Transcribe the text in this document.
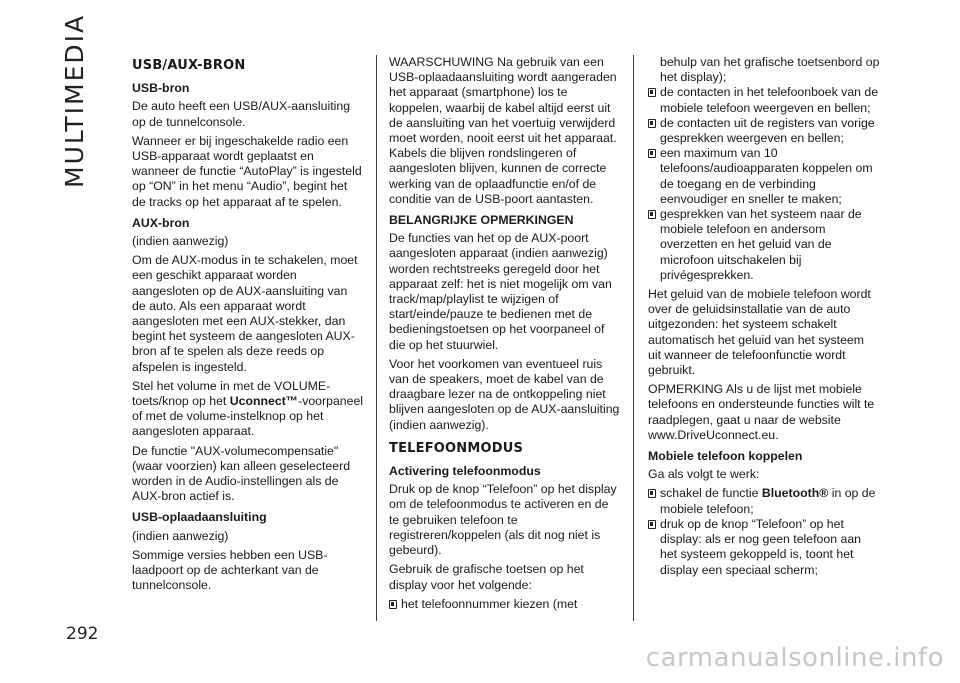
MULTIMEDIA
292
carmanualsonline.info
USB/AUX-BRON
USB-bron

De auto heeft een USB/AUX-aansluiting op de tunnelconsole.

Wanneer er bij ingeschakelde radio een USB-apparaat wordt geplaatst en wanneer de functie “AutoPlay” is ingesteld op “ON” in het menu “Audio”, begint het de tracks op het apparaat af te spelen.

AUX-bron

(indien aanwezig)

Om de AUX-modus in te schakelen, moet een geschikt apparaat worden aangesloten op de AUX-aansluiting van de auto. Als een apparaat wordt aangesloten met een AUX-stekker, dan begint het systeem de aangesloten AUX-bron af te spelen als deze reeds op afspelen is ingesteld.

Stel het volume in met de VOLUME-toets/knop op het Uconnect™-voorpaneel of met de volume-instelknop op het aangesloten apparaat.

De functie "AUX-volumecompensatie" (waar voorzien) kan alleen geselecteerd worden in de Audio-instellingen als de AUX-bron actief is.

USB-oplaadaansluiting

(indien aanwezig)

Sommige versies hebben een USB-laadpoort op de achterkant van de tunnelconsole.

WAARSCHUWING Na gebruik van een USB-oplaadaansluiting wordt aangeraden het apparaat (smartphone) los te koppelen, waarbij de kabel altijd eerst uit de aansluiting van het voertuig verwijderd moet worden, nooit eerst uit het apparaat. Kabels die blijven rondslingeren of aangesloten blijven, kunnen de correcte werking van de oplaadfunctie en/of de conditie van de USB-poort aantasten.

BELANGRIJKE OPMERKINGEN

De functies van het op de AUX-poort aangesloten apparaat (indien aanwezig) worden rechtstreeks geregeld door het apparaat zelf: het is niet mogelijk om van track/map/playlist te wijzigen of start/einde/pauze te bedienen met de bedieningstoetsen op het voorpaneel of die op het stuurwiel.

Voor het voorkomen van eventueel ruis van de speakers, moet de kabel van de draagbare lezer na de ontkoppeling niet blijven aangesloten op de AUX-aansluiting (indien aanwezig).

TELEFOONMODUS
Activering telefoonmodus

Druk op de knop “Telefoon” op het display om de telefoonmodus te activeren en de te gebruiken telefoon te registreren/koppelen (als dit nog niet is gebeurd).

Gebruik de grafische toetsen op het display voor het volgende:

het telefoonnummer kiezen (met
behulp van het grafische toetsenbord op het display);
de contacten in het telefoonboek van de mobiele telefoon weergeven en bellen;
de contacten uit de registers van vorige gesprekken weergeven en bellen;
een maximum van 10 telefoons/audioapparaten koppelen om de toegang en de verbinding eenvoudiger en sneller te maken;
gesprekken van het systeem naar de mobiele telefoon en andersom overzetten en het geluid van de microfoon uitschakelen bij privégesprekken.

Het geluid van de mobiele telefoon wordt over de geluidsinstallatie van de auto uitgezonden: het systeem schakelt automatisch het geluid van het systeem uit wanneer de telefoonfunctie wordt gebruikt.

OPMERKING Als u de lijst met mobiele telefoons en ondersteunde functies wilt te raadplegen, gaat u naar de website www.DriveUconnect.eu.

Mobiele telefoon koppelen

Ga als volgt te werk:

schakel de functie Bluetooth® in op de mobiele telefoon;
druk op de knop “Telefoon” op het display: als er nog geen telefoon aan het systeem gekoppeld is, toont het display een speciaal scherm;
